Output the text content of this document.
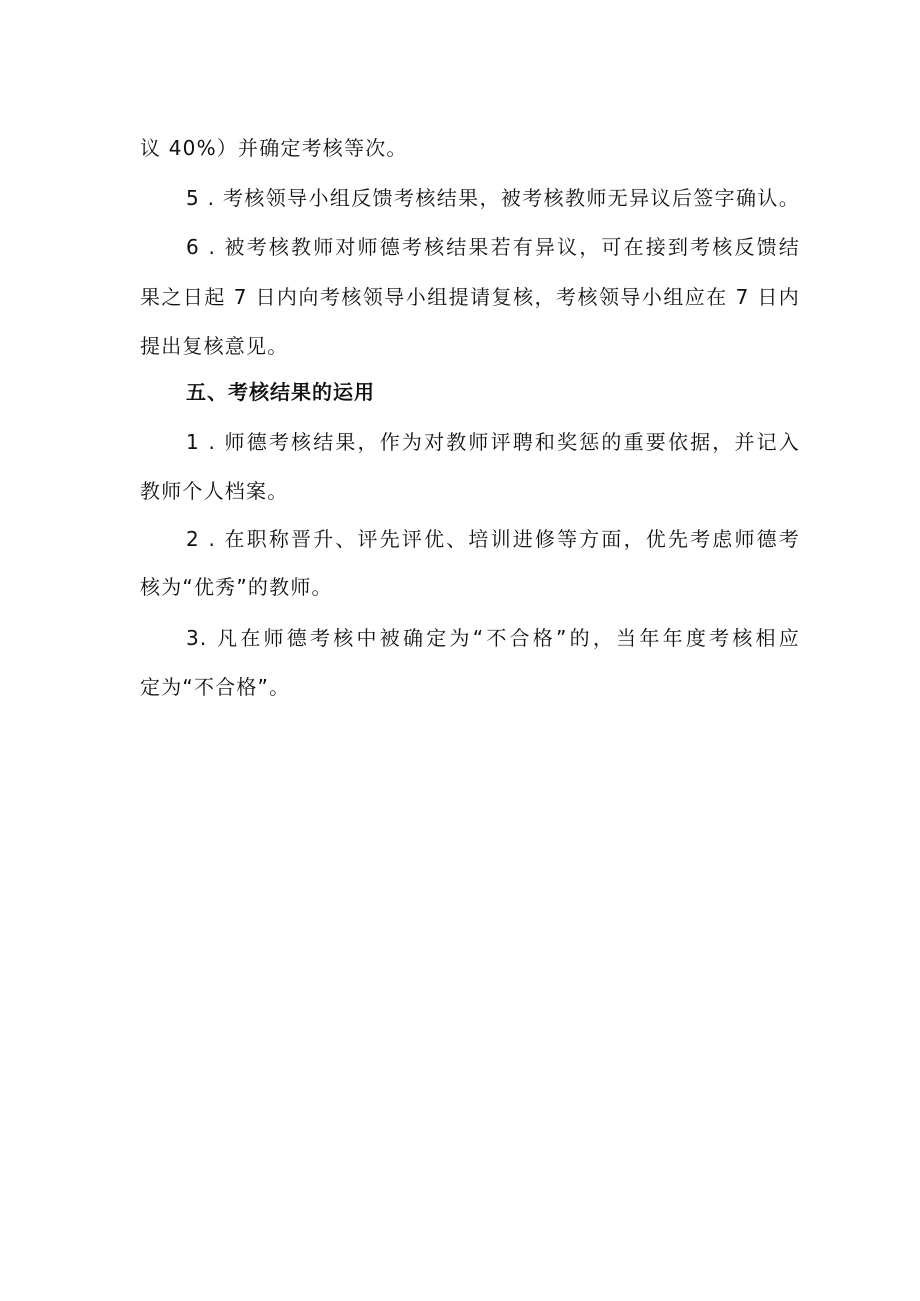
议 40%）并确定考核等次。
5 . 考核领导小组反馈考核结果，被考核教师无异议后签字确认。
6 . 被考核教师对师德考核结果若有异议，可在接到考核反馈结
果之日起 7 日内向考核领导小组提请复核，考核领导小组应在 7 日内
提出复核意见。
五、考核结果的运用
1 . 师德考核结果，作为对教师评聘和奖惩的重要依据，并记入
教师个人档案。
2 . 在职称晋升、评先评优、培训进修等方面，优先考虑师德考
核为“优秀”的教师。
3. 凡在师德考核中被确定为“不合格”的，当年年度考核相应
定为“不合格”。
